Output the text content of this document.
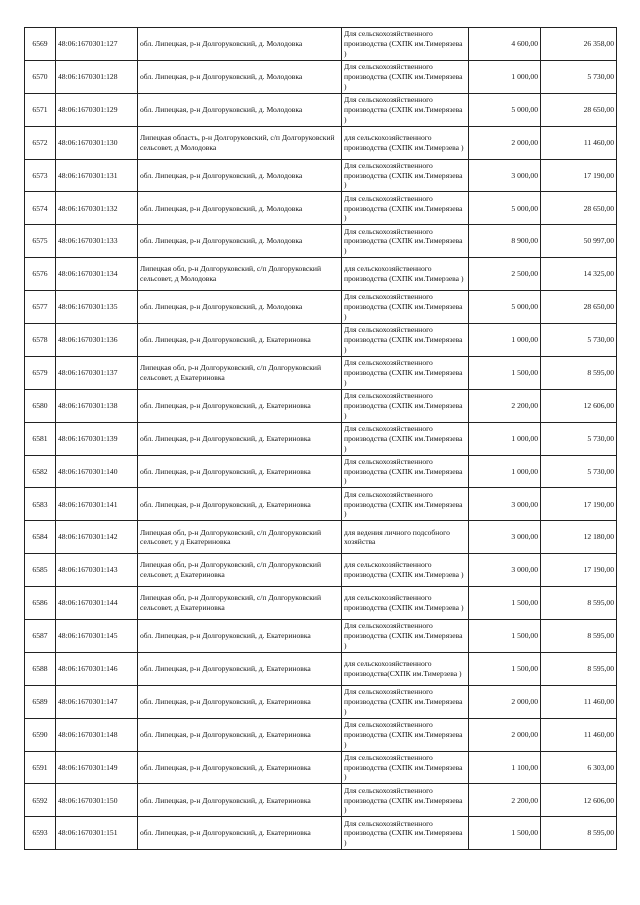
6569	48:06:1670301:127	обл. Липецкая, р-н Долгоруковский, д. Молодовка	Для сельскохозяйственного производства (СХПК им.Тимерязева )	4 600,00	26 358,00
6570	48:06:1670301:128	обл. Липецкая, р-н Долгоруковский, д. Молодовка	Для сельскохозяйственного производства (СХПК им.Тимерязева )	1 000,00	5 730,00
6571	48:06:1670301:129	обл. Липецкая, р-н Долгоруковский, д. Молодовка	Для сельскохозяйственного производства (СХПК им.Тимерязева )	5 000,00	28 650,00
6572	48:06:1670301:130	Липецкая область, р-н Долгоруковский, с/п Долгоруковский сельсовет, д Молодовка	для сельскохозяйственного производства (СХПК им.Тимерзева )	2 000,00	11 460,00
6573	48:06:1670301:131	обл. Липецкая, р-н Долгоруковский, д. Молодовка	Для сельскохозяйственного производства (СХПК им.Тимерязева )	3 000,00	17 190,00
6574	48:06:1670301:132	обл. Липецкая, р-н Долгоруковский, д. Молодовка	Для сельскохозяйственного производства (СХПК им.Тимерязева )	5 000,00	28 650,00
6575	48:06:1670301:133	обл. Липецкая, р-н Долгоруковский, д. Молодовка	Для сельскохозяйственного производства (СХПК им.Тимерязева )	8 900,00	50 997,00
6576	48:06:1670301:134	Липецкая обл, р-н Долгоруковский, с/п Долгоруковский сельсовет, д Молодовка	для сельскохозяйственного производства (СХПК им.Тимерзева )	2 500,00	14 325,00
6577	48:06:1670301:135	обл. Липецкая, р-н Долгоруковский, д. Молодовка	Для сельскохозяйственного производства (СХПК им.Тимерязева )	5 000,00	28 650,00
6578	48:06:1670301:136	обл. Липецкая, р-н Долгоруковский, д. Екатериновка	Для сельскохозяйственного производства (СХПК им.Тимерязева )	1 000,00	5 730,00
6579	48:06:1670301:137	Липецкая обл, р-н Долгоруковский, с/п Долгоруковский сельсовет, д Екатериновка	Для сельскохозяйственного производства (СХПК им.Тимерязева )	1 500,00	8 595,00
6580	48:06:1670301:138	обл. Липецкая, р-н Долгоруковский, д. Екатериновка	Для сельскохозяйственного производства (СХПК им.Тимерязева )	2 200,00	12 606,00
6581	48:06:1670301:139	обл. Липецкая, р-н Долгоруковский, д. Екатериновка	Для сельскохозяйственного производства (СХПК им.Тимерязева )	1 000,00	5 730,00
6582	48:06:1670301:140	обл. Липецкая, р-н Долгоруковский, д. Екатериновка	Для сельскохозяйственного производства (СХПК им.Тимерязева )	1 000,00	5 730,00
6583	48:06:1670301:141	обл. Липецкая, р-н Долгоруковский, д. Екатериновка	Для сельскохозяйственного производства (СХПК им.Тимерязева )	3 000,00	17 190,00
6584	48:06:1670301:142	Липецкая обл, р-н Долгоруковский, с/п Долгоруковский сельсовет, у д Екатериновка	для ведения личного подсобного хозяйства	3 000,00	12 180,00
6585	48:06:1670301:143	Липецкая обл, р-н Долгоруковский, с/п Долгоруковский сельсовет, д Екатериновка	для сельскохозяйственного производства (СХПК им.Тимерзева )	3 000,00	17 190,00
6586	48:06:1670301:144	Липецкая обл, р-н Долгоруковский, с/п Долгоруковский сельсовет, д Екатериновка	для сельскохозяйственного производства (СХПК им.Тимерзева )	1 500,00	8 595,00
6587	48:06:1670301:145	обл. Липецкая, р-н Долгоруковский, д. Екатериновка	Для сельскохозяйственного производства (СХПК им.Тимерязева )	1 500,00	8 595,00
6588	48:06:1670301:146	обл. Липецкая, р-н Долгоруковский, д. Екатериновка	для сельскохозяйственного производства(СХПК им.Тимерзева )	1 500,00	8 595,00
6589	48:06:1670301:147	обл. Липецкая, р-н Долгоруковский, д. Екатериновка	Для сельскохозяйственного производства (СХПК им.Тимерязева )	2 000,00	11 460,00
6590	48:06:1670301:148	обл. Липецкая, р-н Долгоруковский, д. Екатериновка	Для сельскохозяйственного производства (СХПК им.Тимерязева )	2 000,00	11 460,00
6591	48:06:1670301:149	обл. Липецкая, р-н Долгоруковский, д. Екатериновка	Для сельскохозяйственного производства (СХПК им.Тимерязева )	1 100,00	6 303,00
6592	48:06:1670301:150	обл. Липецкая, р-н Долгоруковский, д. Екатериновка	Для сельскохозяйственного производства (СХПК им.Тимерязева )	2 200,00	12 606,00
6593	48:06:1670301:151	обл. Липецкая, р-н Долгоруковский, д. Екатериновка	Для сельскохозяйственного производства (СХПК им.Тимерязева )	1 500,00	8 595,00
